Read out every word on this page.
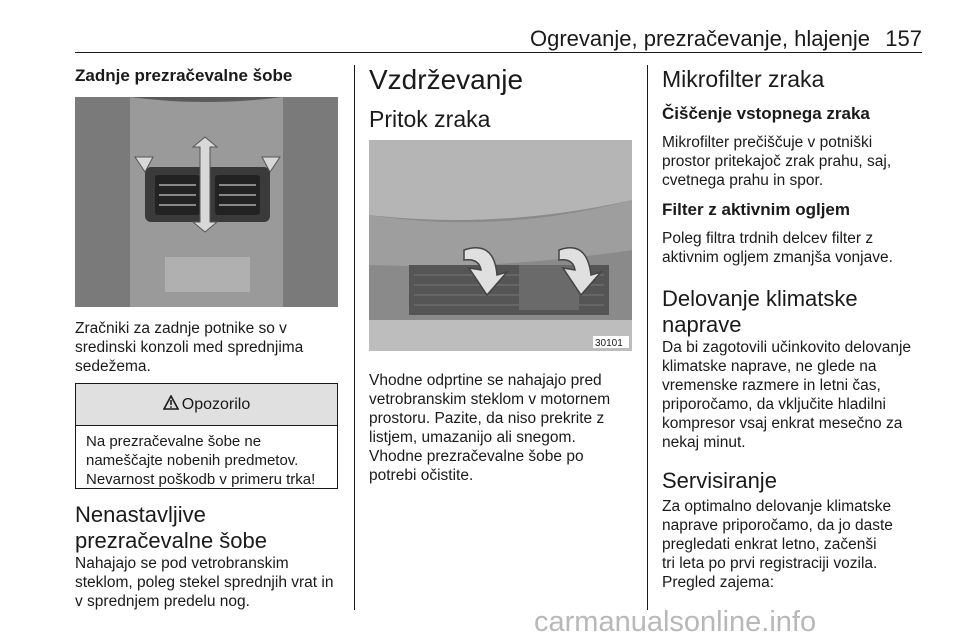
Ogrevanje, prezračevanje, hlajenje 157
Zadnje prezračevalne šobe
Zračniki za zadnje potnike so v
sredinski konzoli med sprednjima
sedežema.
Opozorilo
Na prezračevalne šobe ne
nameščajte nobenih predmetov.
Nevarnost poškodb v primeru trka!
Nenastavljive
prezračevalne šobe
Nahajajo se pod vetrobranskim
steklom, poleg stekel sprednjih vrat in
v sprednjem predelu nog.
Vzdrževanje
Pritok zraka
30101
Vhodne odprtine se nahajajo pred
vetrobranskim steklom v motornem
prostoru. Pazite, da niso prekrite z
listjem, umazanijo ali snegom.
Vhodne prezračevalne šobe po
potrebi očistite.
Mikrofilter zraka
Čiščenje vstopnega zraka
Mikrofilter prečiščuje v potniški
prostor pritekajoč zrak prahu, saj,
cvetnega prahu in spor.
Filter z aktivnim ogljem
Poleg filtra trdnih delcev filter z
aktivnim ogljem zmanjša vonjave.
Delovanje klimatske
naprave
Da bi zagotovili učinkovito delovanje
klimatske naprave, ne glede na
vremenske razmere in letni čas,
priporočamo, da vključite hladilni
kompresor vsaj enkrat mesečno za
nekaj minut.
Servisiranje
Za optimalno delovanje klimatske
naprave priporočamo, da jo daste
pregledati enkrat letno, začenši
tri leta po prvi registraciji vozila.
Pregled zajema:
carmanualsonline.info
